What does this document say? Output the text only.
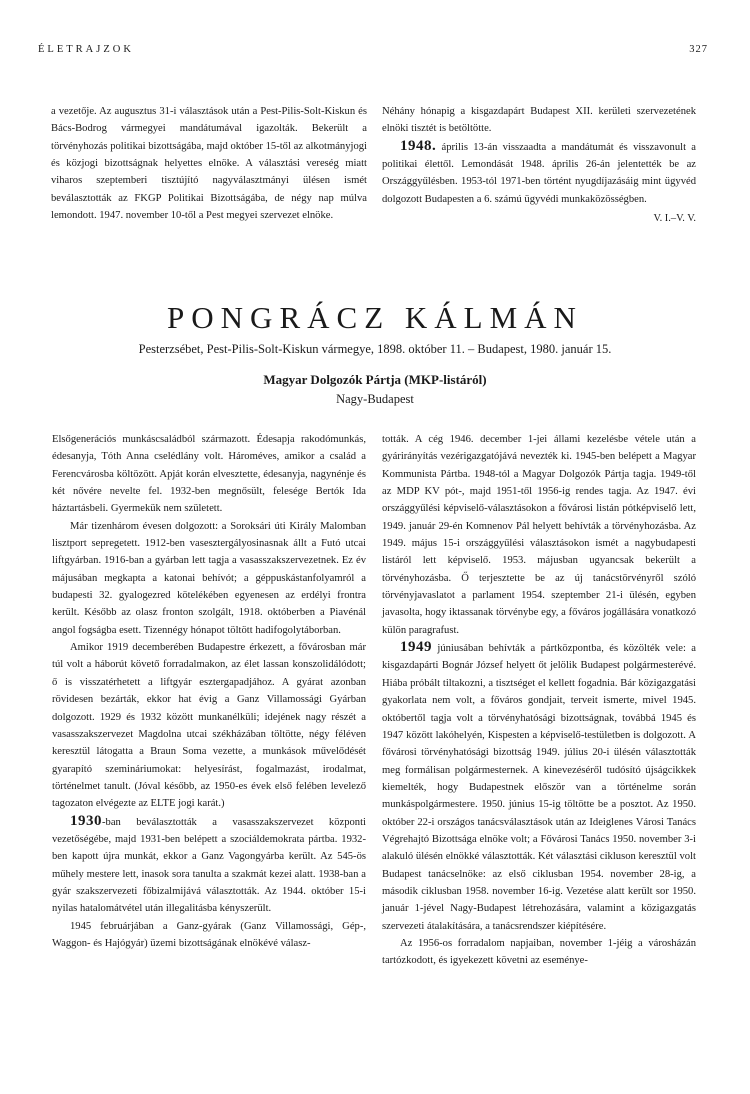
ÉLETRAJZOK	327

a vezetője. Az augusztus 31-i választások után a Pest-Pilis-Solt-Kiskun és Bács-Bodrog vármegyei mandátumával igazolták. Bekerült a törvényhozás politikai bizottságába, majd október 15-től az alkotmányjogi és közjogi bizottságnak helyettes elnöke. A választási vereség miatt viharos szeptemberi tisztújító nagyválasztmányi ülésen ismét beválasztották az FKGP Politikai Bizottságába, de négy nap múlva lemondott. 1947. november 10-től a Pest megyei szervezet elnöke.

Néhány hónapig a kisgazdapárt Budapest XII. kerületi szervezetének elnöki tisztét is betöltötte.

1948. április 13-án visszaadta a mandátumát és visszavonult a politikai élettől. Lemondását 1948. április 26-án jelentették be az Országgyűlésben. 1953-tól 1971-ben történt nyugdíjazásáig mint ügyvéd dolgozott Budapesten a 6. számú ügyvédi munkaközösségben.

V. I.–V. V.
PONGRÁCZ KÁLMÁN
Pesterzsébet, Pest-Pilis-Solt-Kiskun vármegye, 1898. október 11. – Budapest, 1980. január 15.
Magyar Dolgozók Pártja (MKP-listáról)
Nagy-Budapest

Elsőgenerációs munkáscsaládból származott. Édesapja rakodómunkás, édesanyja, Tóth Anna cselédlány volt. Hároméves, amikor a család a Ferencvárosba költözött. Apját korán elvesztette, édesanyja, nagynénje és két nővére nevelte fel. 1932-ben megnősült, felesége Bertók Ida háztartásbeli. Gyermekük nem született.

Már tizenhárom évesen dolgozott: a Soroksári úti Király Malomban lisztport sepregetett. 1912-ben vasesztergályosinasnak állt a Futó utcai liftgyárban. 1916-ban a gyárban lett tagja a vasasszakszervezetnek. Ez év májusában megkapta a katonai behívót; a géppuskástanfolyamról a budapesti 32. gyalogezred kötelékében egyenesen az erdélyi frontra került. Később az olasz fronton szolgált, 1918. októberben a Piavénál angol fogságba esett. Tizennégy hónapot töltött hadifogolytáborban.

Amikor 1919 decemberében Budapestre érkezett, a fővárosban már túl volt a háborút követő forradalmakon, az élet lassan konszolidálódott; ő is visszatérhetett a liftgyár esztergapadjához. A gyárat azonban rövidesen bezárták, ekkor hat évig a Ganz Villamossági Gyárban dolgozott. 1929 és 1932 között munkanélküli; idejének nagy részét a vasasszakszervezet Magdolna utcai székházában töltötte, négy féléven keresztül látogatta a Braun Soma vezette, a munkások művelődését gyarapító szemináriumokat: helyesírást, fogalmazást, irodalmat, történelmet tanult. (Jóval később, az 1950-es évek első felében levelező tagozaton elvégezte az ELTE jogi karát.)

1930-ban beválasztották a vasasszakszervezet központi vezetőségébe, majd 1931-ben belépett a szociáldemokrata pártba. 1932-ben kapott újra munkát, ekkor a Ganz Vagongyárba került. Az 545-ös műhely mestere lett, inasok sora tanulta a szakmát kezei alatt. 1938-ban a gyár szakszervezeti főbizalmijává választották. Az 1944. október 15-i nyilas hatalomátvétel után illegalitásba kényszerült.

1945 februárjában a Ganz-gyárak (Ganz Villamossági, Gép-, Waggon- és Hajógyár) üzemi bizottságának elnökévé válasz-

tották. A cég 1946. december 1-jei állami kezelésbe vétele után a gyárirányítás vezérigazgatójává nevezték ki. 1945-ben belépett a Magyar Kommunista Pártba. 1948-tól a Magyar Dolgozók Pártja tagja. 1949-től az MDP KV pót-, majd 1951-től 1956-ig rendes tagja. Az 1947. évi országgyűlési képviselő-választásokon a fővárosi listán pótképviselő lett, 1949. január 29-én Komnenov Pál helyett behívták a törvényhozásba. Az 1949. május 15-i országgyűlési választásokon ismét a nagybudapesti listáról lett képviselő. 1953. májusban ugyancsak bekerült a törvényhozásba. Ő terjesztette be az új tanácstörvényről szóló törvényjavaslatot a parlament 1954. szeptember 21-i ülésén, egyben javasolta, hogy iktassanak törvénybe egy, a főváros jogállására vonatkozó külön paragrafust.

1949 júniusában behívták a pártközpontba, és közölték vele: a kisgazdapárti Bognár József helyett őt jelölik Budapest polgármesterévé. Hiába próbált tiltakozni, a tisztséget el kellett fogadnia. Bár közigazgatási gyakorlata nem volt, a főváros gondjait, terveit ismerte, mivel 1945. októbertől tagja volt a törvényhatósági bizottságnak, továbbá 1945 és 1947 között lakóhelyén, Kispesten a képviselő-testületben is dolgozott. A fővárosi törvényhatósági bizottság 1949. július 20-i ülésén választották meg formálisan polgármesternek. A kinevezéséről tudósító újságcikkek kiemelték, hogy Budapestnek először van a történelme során munkáspolgármestere. 1950. június 15-ig töltötte be a posztot. Az 1950. október 22-i országos tanácsválasztások után az Ideiglenes Városi Tanács Végrehajtó Bizottsága elnöke volt; a Fővárosi Tanács 1950. november 3-i alakuló ülésén elnökké választották. Két választási cikluson keresztül volt Budapest tanácselnöke: az első ciklusban 1954. november 28-ig, a második ciklusban 1958. november 16-ig. Vezetése alatt került sor 1950. január 1-jével Nagy-Budapest létrehozására, valamint a közigazgatás szervezeti átalakítására, a tanácsrendszer kiépítésére.

Az 1956-os forradalom napjaiban, november 1-jéig a városházán tartózkodott, és igyekezett követni az eseménye-
